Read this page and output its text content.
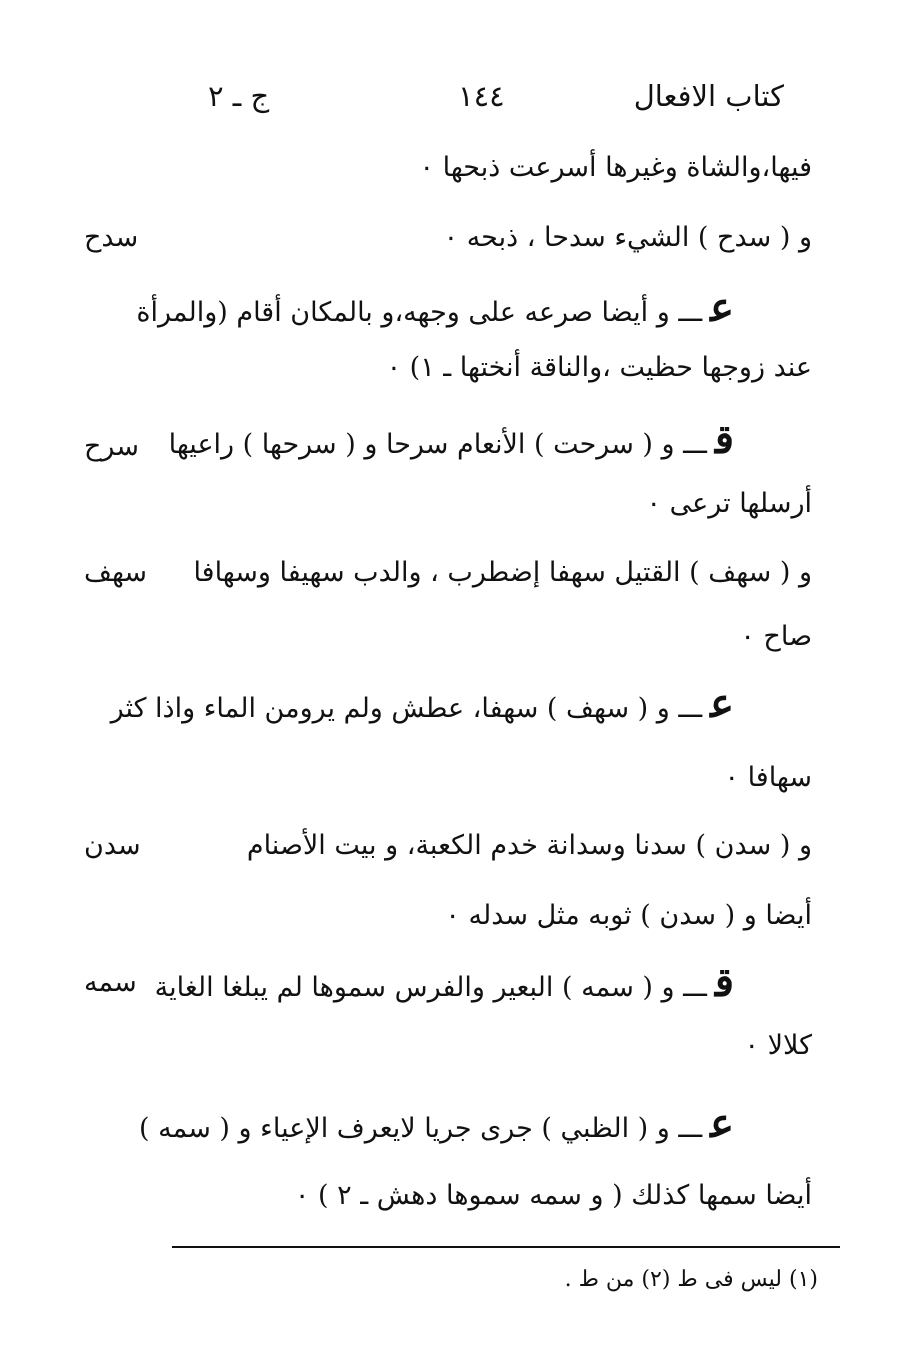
كتاب الافعال
١٤٤
ج ـ ٢
فيها،والشاة وغيرها أسرعت ذبحها ٠
و ( سدح ) الشيء سدحا ، ذبحه ٠
عـــ و أيضا صرعه على وجهه،و بالمكان أقام (والمرأة
عند زوجها حظيت ،والناقة أنختها ـ ١) ٠
قـــ و ( سرحت ) الأنعام سرحا و ( سرحها ) راعيها
أرسلها ترعى ٠
و ( سهف ) القتيل سهفا إضطرب ، والدب سهيفا وسهافا
صاح ٠
عـــ و ( سهف ) سهفا، عطش ولم يرومن الماء واذا كثر
سهافا ٠
و ( سدن ) سدنا وسدانة خدم الكعبة، و بيت الأصنام
أيضا و ( سدن ) ثوبه مثل سدله ٠
قـــ و ( سمه ) البعير والفرس سموها لم يبلغا الغاية
كلالا ٠
عـــ و ( الظبي ) جرى جريا لايعرف الإعياء و ( سمه )
أيضا سمها كذلك ( و سمه سموها دهش ـ ٢ ) ٠
سدح
سرح
سهف
سدن
سمه
(١) ليس فى ط (٢) من ط .
